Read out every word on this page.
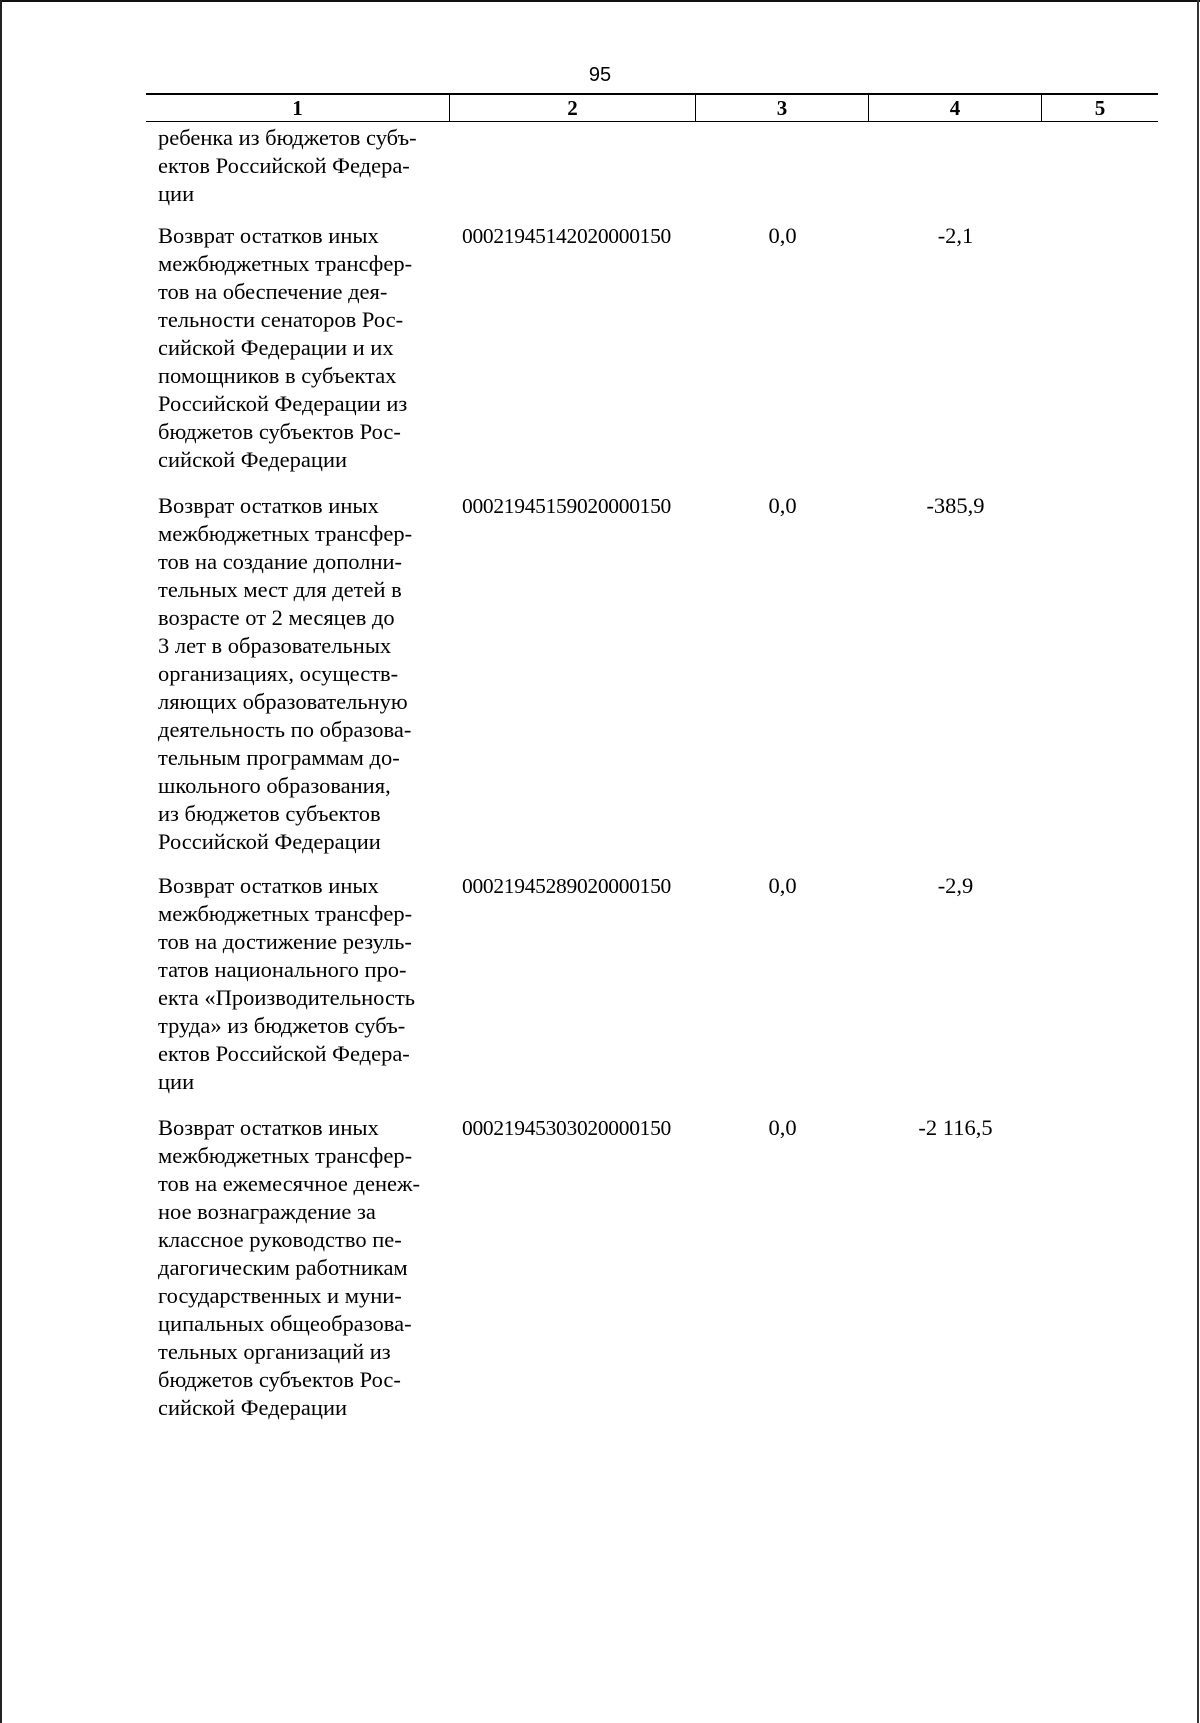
95
1	2	3	4	5
ребенка из бюджетов субъ-
ектов Российской Федера-
ции
Возврат остатков иных
межбюджетных трансфер-
тов на обеспечение дея-
тельности сенаторов Рос-
сийской Федерации и их
помощников в субъектах
Российской Федерации из
бюджетов субъектов Рос-
сийской Федерации
00021945142020000150	0,0	-2,1
Возврат остатков иных
межбюджетных трансфер-
тов на создание дополни-
тельных мест для детей в
возрасте от 2 месяцев до
3 лет в образовательных
организациях, осуществ-
ляющих образовательную
деятельность по образова-
тельным программам до-
школьного образования,
из бюджетов субъектов
Российской Федерации
00021945159020000150	0,0	-385,9
Возврат остатков иных
межбюджетных трансфер-
тов на достижение резуль-
татов национального про-
екта «Производительность
труда» из бюджетов субъ-
ектов Российской Федера-
ции
00021945289020000150	0,0	-2,9
Возврат остатков иных
межбюджетных трансфер-
тов на ежемесячное денеж-
ное вознаграждение за
классное руководство пе-
дагогическим работникам
государственных и муни-
ципальных общеобразова-
тельных организаций из
бюджетов субъектов Рос-
сийской Федерации
00021945303020000150	0,0	-2 116,5
